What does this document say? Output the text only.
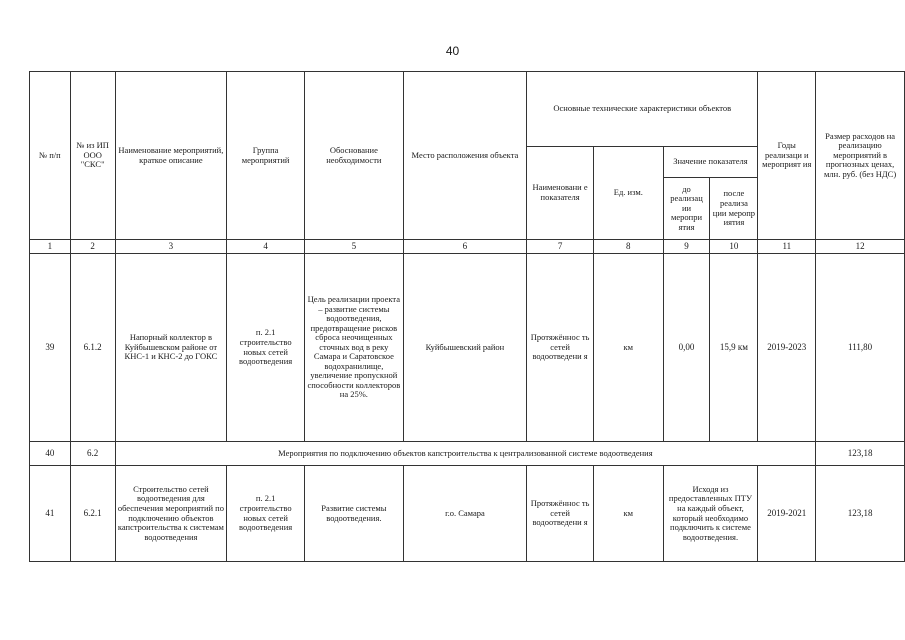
40
№ п/п	№ из ИП ООО "СКС"	Наименование мероприятий, краткое описание	Группа мероприятий	Обоснование необходимости	Место расположения объекта	Основные технические характеристики объектов				Годы реализаци и мероприят ия	Размер расходов на реализацию мероприятий в прогнозных ценах, млн. руб. (без НДС)
						Наименовани е показателя	Ед. изм.	Значение показателя			
								до реализац ии меропри ятия	после реализа ции меропр иятия		
1	2	3	4	5	6	7	8	9	10	11	12
39	6.1.2	Напорный коллектор в Куйбышевском районе от КНС-1 и КНС-2 до ГОКС	п. 2.1 строительство новых сетей водоотведения	Цель реализации проекта – развитие системы водоотведения, предотвращение рисков сброса неочищенных сточных вод в реку Самара и Саратовское водохранилище, увеличение пропускной способности коллекторов на 25%.	Куйбышевский район	Протяжённос ть сетей водоотведени я	км	0,00	15,9 км	2019-2023	111,80
40	6.2	Мероприятия по подключению объектов капстроительства к централизованной системе водоотведения									123,18
41	6.2.1	Строительство сетей водоотведения для обеспечения мероприятий по подключению объектов капстроительства к системам водоотведения	п. 2.1 строительство новых сетей водоотведения	Развитие системы водоотведения.	г.о. Самара	Протяжённос ть сетей водоотведени я	км	Исходя из предоставленных ПТУ на каждый объект, который необходимо подключить к системе водоотведения.		2019-2021	123,18
